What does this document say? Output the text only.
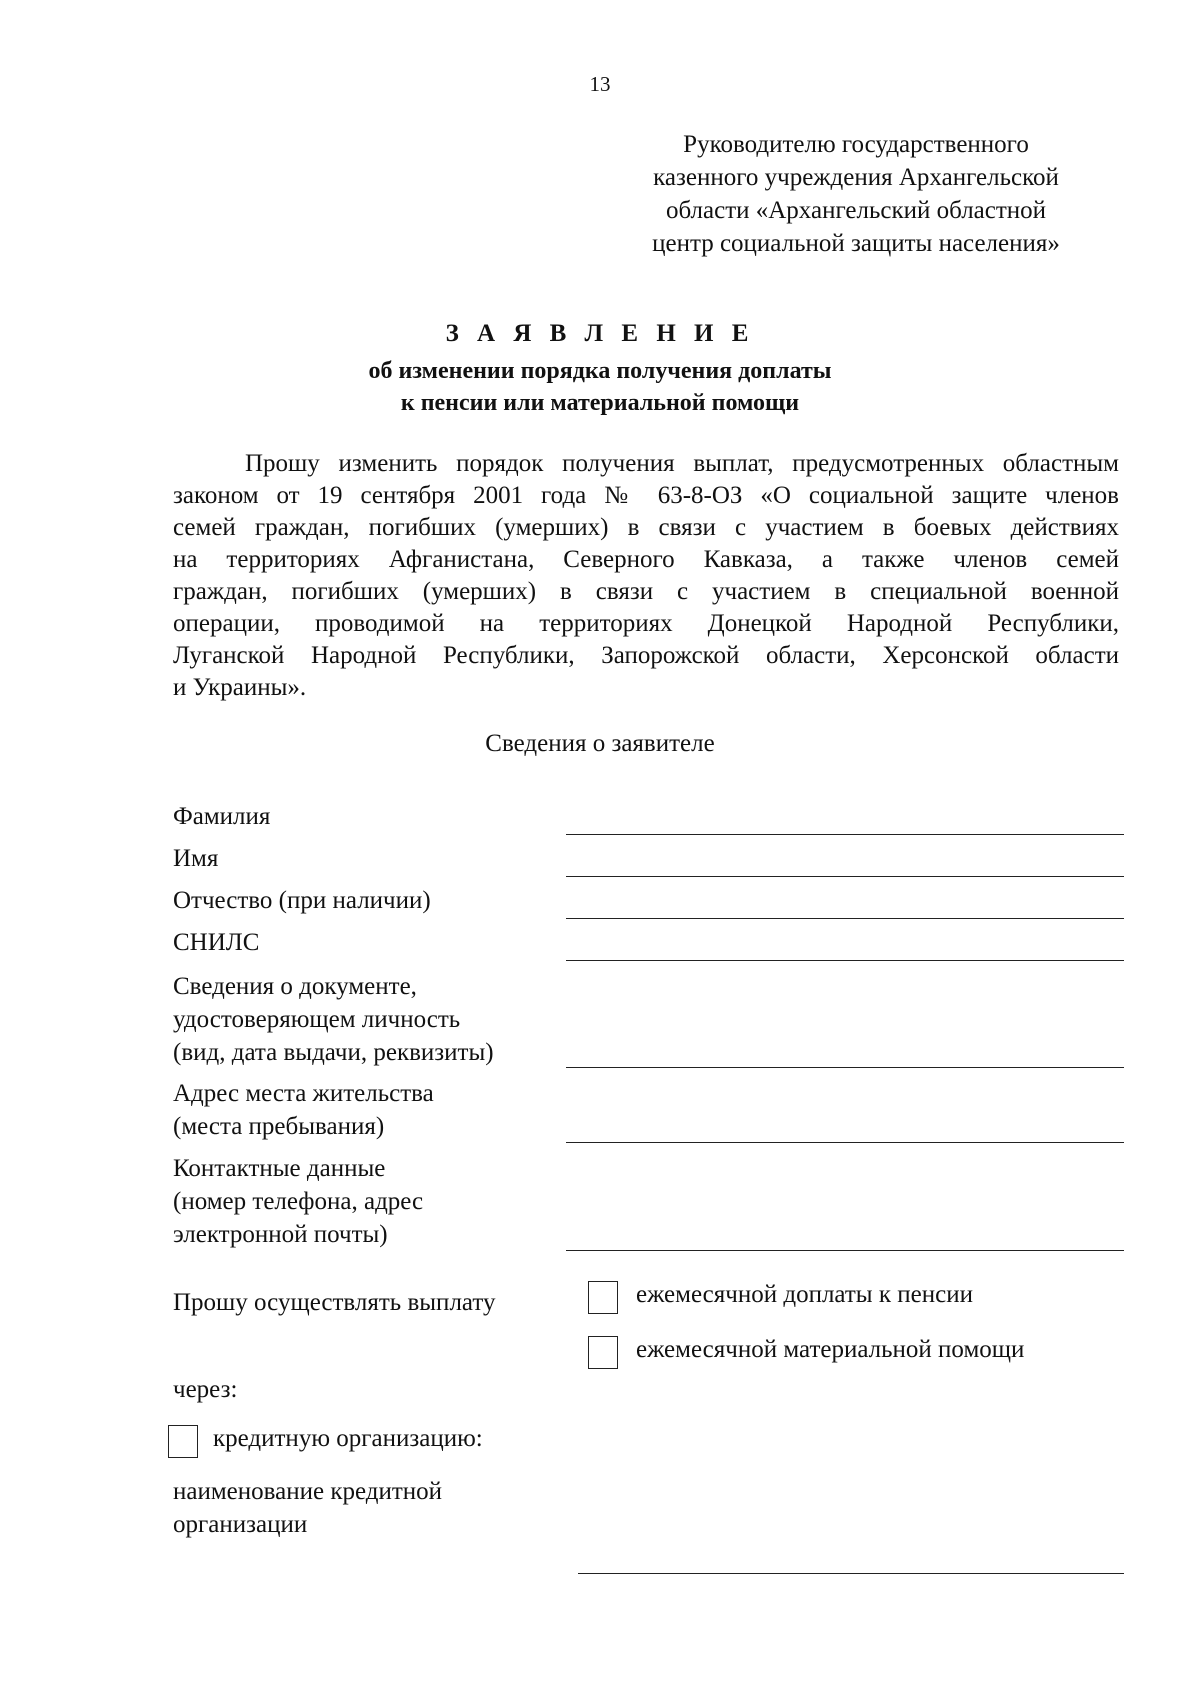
13
Руководителю государственного
казенного учреждения Архангельской
области «Архангельский областной
центр социальной защиты населения»
З А Я В Л Е Н И Е
об изменении порядка получения доплаты
к пенсии или материальной помощи
Прошу изменить порядок получения выплат, предусмотренных областным
законом от 19 сентября 2001 года № 63-8-ОЗ «О социальной защите членов
семей граждан, погибших (умерших) в связи с участием в боевых действиях
на территориях Афганистана, Северного Кавказа, а также членов семей
граждан, погибших (умерших) в связи с участием в специальной военной
операции, проводимой на территориях Донецкой Народной Республики,
Луганской Народной Республики, Запорожской области, Херсонской области
и Украины».
Сведения о заявителе
Фамилия
Имя
Отчество (при наличии)
СНИЛС
Сведения о документе,
удостоверяющем личность
(вид, дата выдачи, реквизиты)
Адрес места жительства
(места пребывания)
Контактные данные
(номер телефона, адрес
электронной почты)
Прошу осуществлять выплату	ежемесячной доплаты к пенсии
ежемесячной материальной помощи
через:
кредитную организацию:
наименование кредитной
организации
